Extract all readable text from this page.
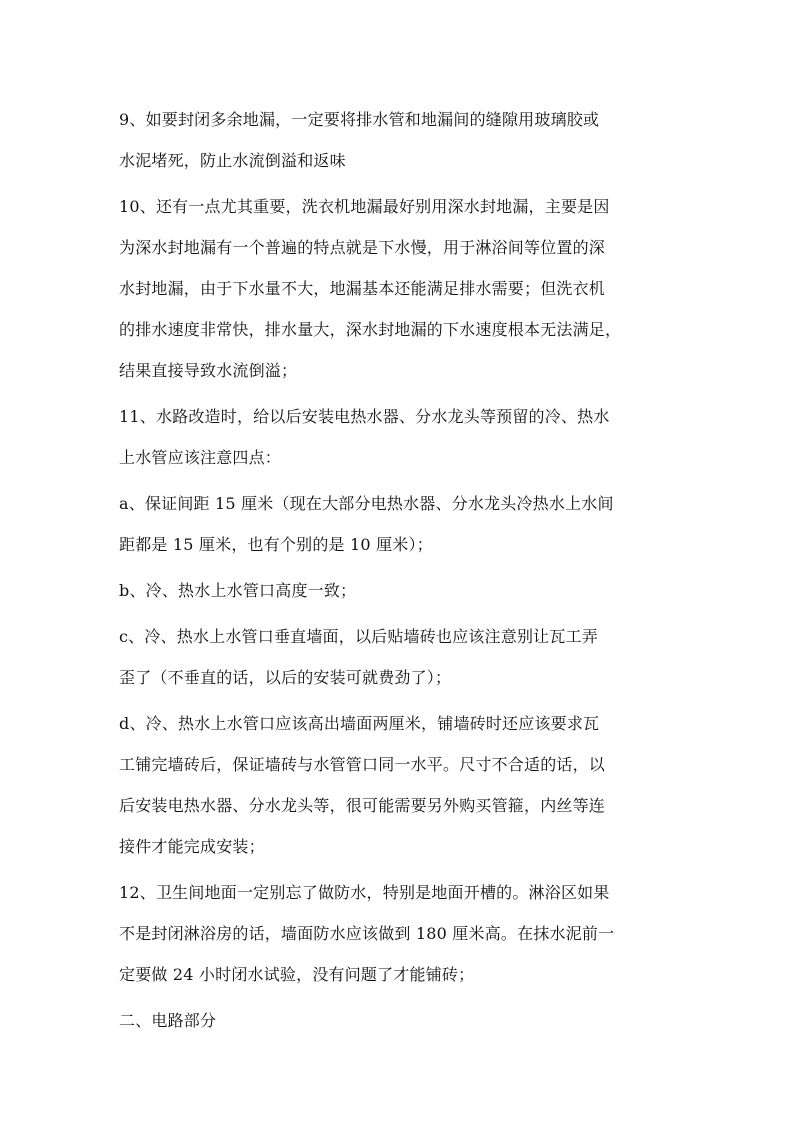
9、如要封闭多余地漏，一定要将排水管和地漏间的缝隙用玻璃胶或
水泥堵死，防止水流倒溢和返味

10、还有一点尤其重要，洗衣机地漏最好别用深水封地漏，主要是因
为深水封地漏有一个普遍的特点就是下水慢，用于淋浴间等位置的深
水封地漏，由于下水量不大，地漏基本还能满足排水需要；但洗衣机
的排水速度非常快，排水量大，深水封地漏的下水速度根本无法满足，
结果直接导致水流倒溢；

11、水路改造时，给以后安装电热水器、分水龙头等预留的冷、热水
上水管应该注意四点：

a、保证间距 15 厘米（现在大部分电热水器、分水龙头冷热水上水间
距都是 15 厘米，也有个别的是 10 厘米）；

b、冷、热水上水管口高度一致；

c、冷、热水上水管口垂直墙面，以后贴墙砖也应该注意别让瓦工弄
歪了（不垂直的话，以后的安装可就费劲了）；

d、冷、热水上水管口应该高出墙面两厘米，铺墙砖时还应该要求瓦
工铺完墙砖后，保证墙砖与水管管口同一水平。尺寸不合适的话，以
后安装电热水器、分水龙头等，很可能需要另外购买管箍，内丝等连
接件才能完成安装；

12、卫生间地面一定别忘了做防水，特别是地面开槽的。淋浴区如果
不是封闭淋浴房的话，墙面防水应该做到 180 厘米高。在抹水泥前一
定要做 24 小时闭水试验，没有问题了才能铺砖；

二、电路部分
